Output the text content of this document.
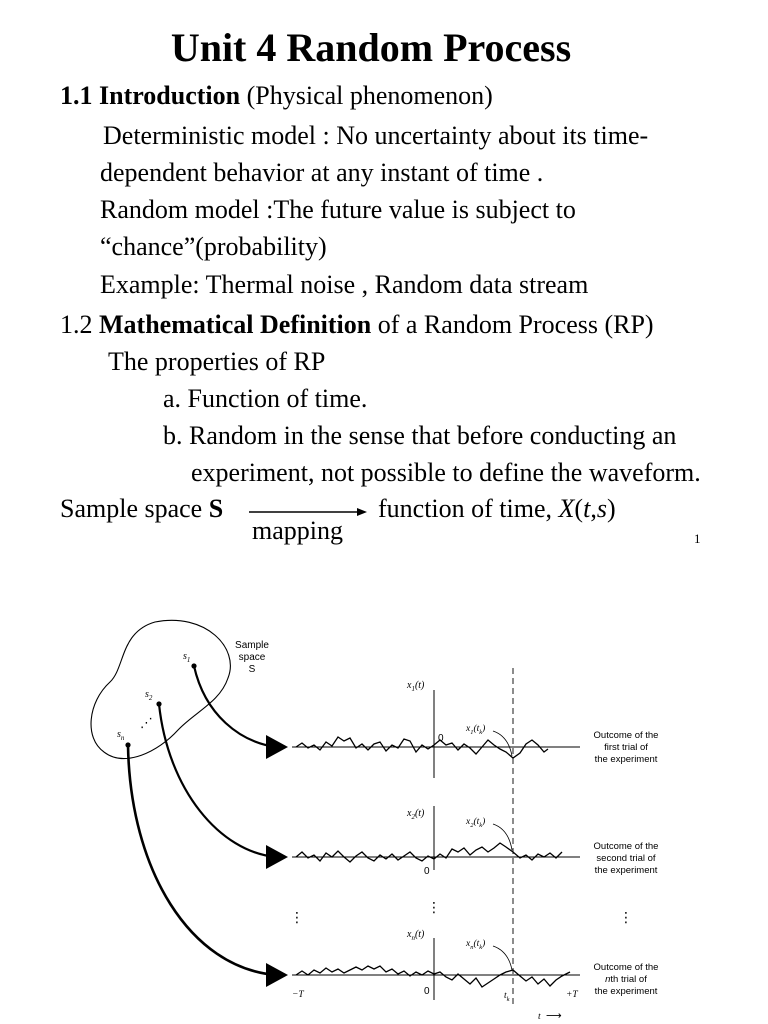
Unit 4 Random Process
1.1 Introduction (Physical phenomenon)
Deterministic model : No uncertainty about its time-
dependent behavior at any instant of time .
Random model :The future value is subject to
“chance”(probability)
Example: Thermal noise , Random data stream
1.2 Mathematical Definition of a Random Process (RP)
The properties of RP
a. Function of time.
b. Random in the sense that before conducting an
experiment, not possible to define the waveform.
Sample space S
mapping
function of time, X(t,s)
1
Sample
space
S
$s_1$
$s_2$
$s_n$
⋰
$x_1(t)$
$x_2(t)$
$x_n(t)$
0
0
0
$x_1(t_k)$
$x_2(t_k)$
$x_n(t_k)$
Outcome of the
first trial of
the experiment
Outcome of the
second trial of
the experiment
Outcome of the
nth trial of
the experiment
⋮
⋮
⋮
−T	+T
$t_k$
t ⟶
